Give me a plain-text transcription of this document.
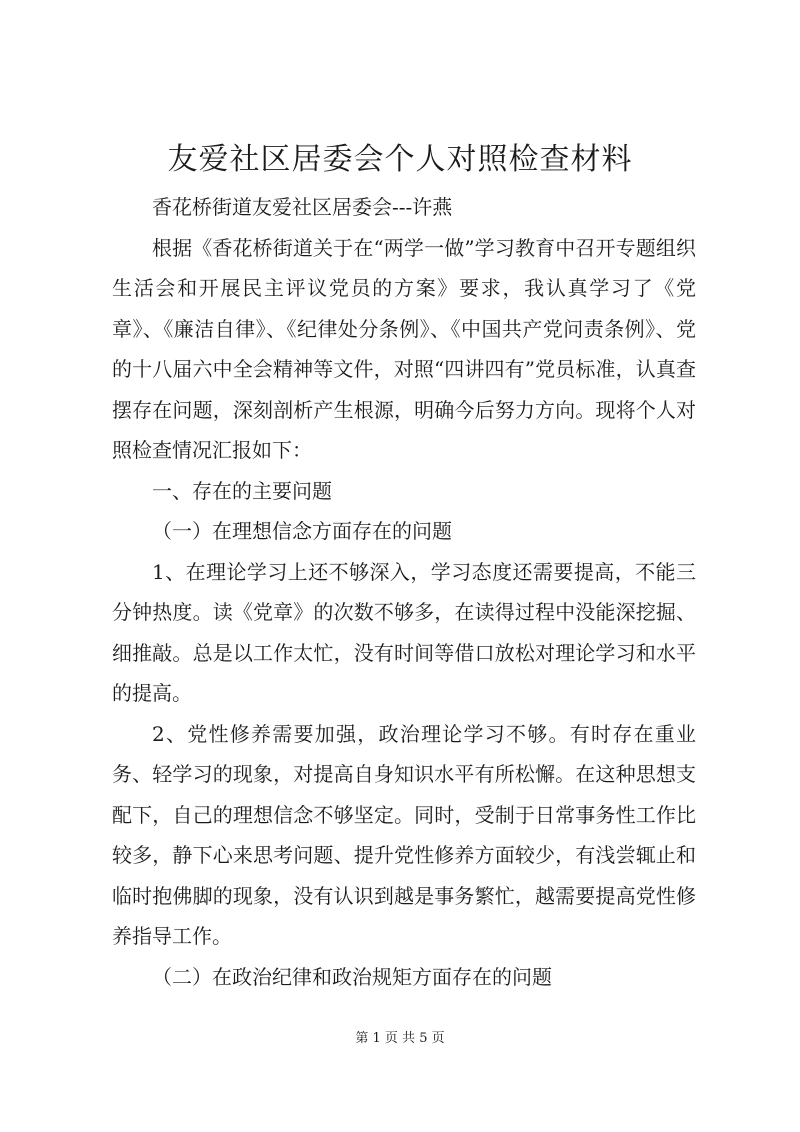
友爱社区居委会个人对照检查材料

香花桥街道友爱社区居委会---许燕

根据《香花桥街道关于在“两学一做”学习教育中召开专题组织生活会和开展民主评议党员的方案》要求，我认真学习了《党章》、《廉洁自律》、《纪律处分条例》、《中国共产党问责条例》、党的十八届六中全会精神等文件，对照“四讲四有”党员标准，认真查摆存在问题，深刻剖析产生根源，明确今后努力方向。现将个人对照检查情况汇报如下：

一、存在的主要问题

（一）在理想信念方面存在的问题

1、在理论学习上还不够深入，学习态度还需要提高，不能三分钟热度。读《党章》的次数不够多，在读得过程中没能深挖掘、细推敲。总是以工作太忙，没有时间等借口放松对理论学习和水平的提高。

2、党性修养需要加强，政治理论学习不够。有时存在重业务、轻学习的现象，对提高自身知识水平有所松懈。在这种思想支配下，自己的理想信念不够坚定。同时，受制于日常事务性工作比较多，静下心来思考问题、提升党性修养方面较少，有浅尝辄止和临时抱佛脚的现象，没有认识到越是事务繁忙，越需要提高党性修养指导工作。

（二）在政治纪律和政治规矩方面存在的问题

第 1 页 共 5 页
